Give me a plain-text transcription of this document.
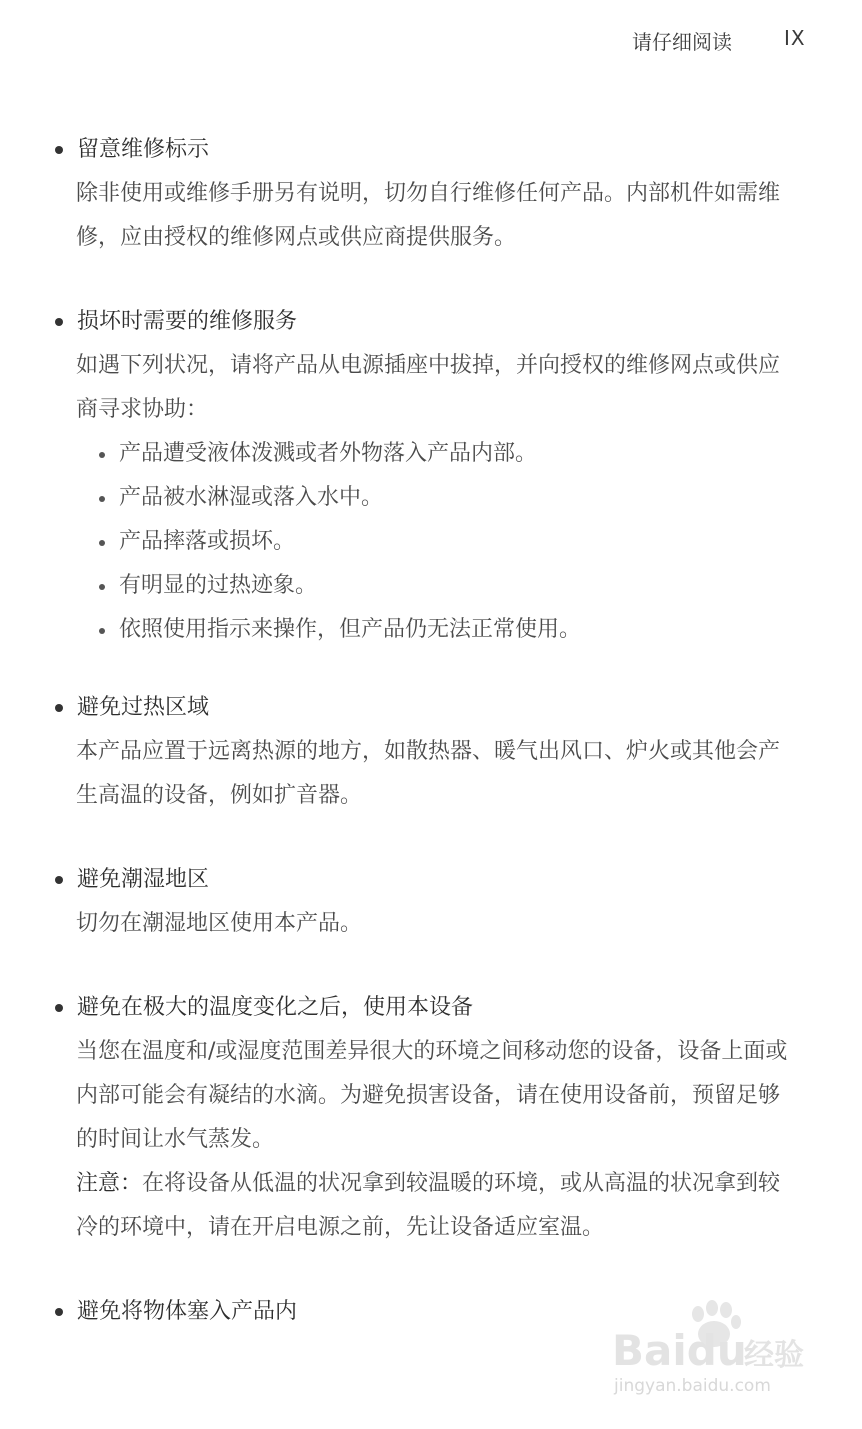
请仔细阅读	IX
留意维修标示

除非使用或维修手册另有说明，切勿自行维修任何产品。内部机件如需维修，应由授权的维修网点或供应商提供服务。

损坏时需要的维修服务

如遇下列状况，请将产品从电源插座中拔掉，并向授权的维修网点或供应商寻求协助：

产品遭受液体泼溅或者外物落入产品内部。
产品被水淋湿或落入水中。
产品摔落或损坏。
有明显的过热迹象。
依照使用指示来操作，但产品仍无法正常使用。
避免过热区域

本产品应置于远离热源的地方，如散热器、暖气出风口、炉火或其他会产生高温的设备，例如扩音器。

避免潮湿地区

切勿在潮湿地区使用本产品。

避免在极大的温度变化之后，使用本设备

当您在温度和/或湿度范围差异很大的环境之间移动您的设备，设备上面或内部可能会有凝结的水滴。为避免损害设备，请在使用设备前，预留足够的时间让水气蒸发。

注意：在将设备从低温的状况拿到较温暖的环境，或从高温的状况拿到较冷的环境中，请在开启电源之前，先让设备适应室温。

避免将物体塞入产品内
Baidu
经验
jingyan.baidu.com
